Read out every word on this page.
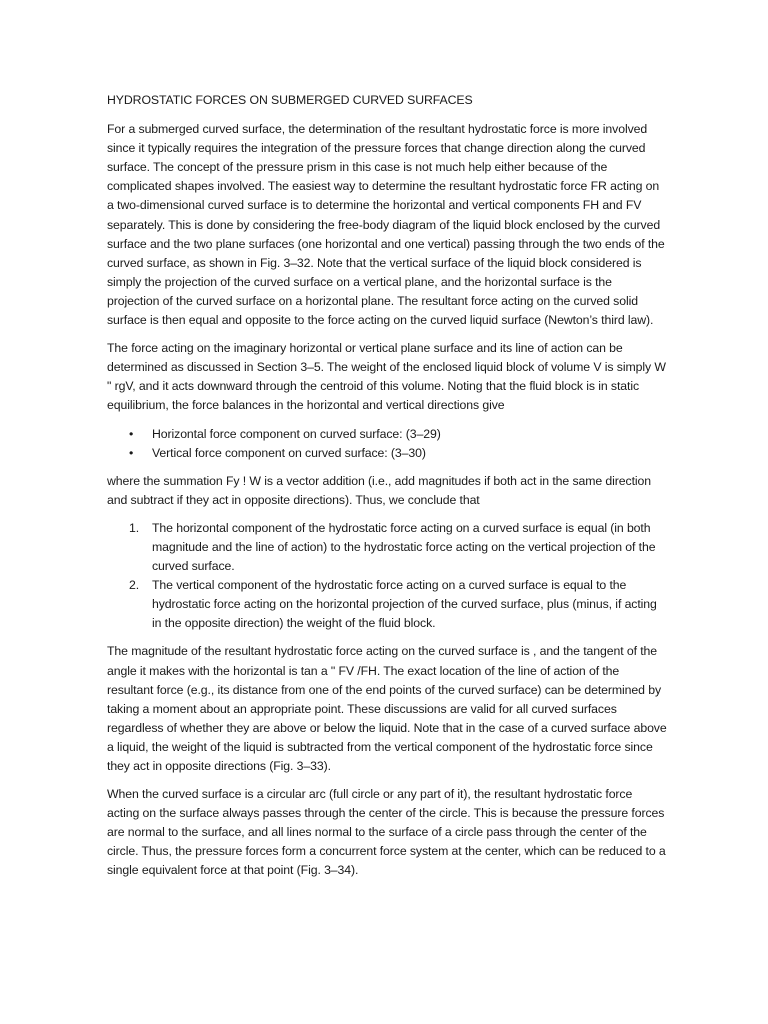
HYDROSTATIC FORCES ON SUBMERGED CURVED SURFACES

For a submerged curved surface, the determination of the resultant hydrostatic force is more involved since it typically requires the integration of the pressure forces that change direction along the curved surface. The concept of the pressure prism in this case is not much help either because of the complicated shapes involved. The easiest way to determine the resultant hydrostatic force FR acting on a two-dimensional curved surface is to determine the horizontal and vertical components FH and FV separately. This is done by considering the free-body diagram of the liquid block enclosed by the curved surface and the two plane surfaces (one horizontal and one vertical) passing through the two ends of the curved surface, as shown in Fig. 3–32. Note that the vertical surface of the liquid block considered is simply the projection of the curved surface on a vertical plane, and the horizontal surface is the projection of the curved surface on a horizontal plane. The resultant force acting on the curved solid surface is then equal and opposite to the force acting on the curved liquid surface (Newton’s third law).

The force acting on the imaginary horizontal or vertical plane surface and its line of action can be determined as discussed in Section 3–5. The weight of the enclosed liquid block of volume V is simply W " rgV, and it acts downward through the centroid of this volume. Noting that the fluid block is in static equilibrium, the force balances in the horizontal and vertical directions give

• Horizontal force component on curved surface: (3–29)
• Vertical force component on curved surface: (3–30)

where the summation Fy ! W is a vector addition (i.e., add magnitudes if both act in the same direction and subtract if they act in opposite directions). Thus, we conclude that

1. The horizontal component of the hydrostatic force acting on a curved surface is equal (in both magnitude and the line of action) to the hydrostatic force acting on the vertical projection of the curved surface.
2. The vertical component of the hydrostatic force acting on a curved surface is equal to the hydrostatic force acting on the horizontal projection of the curved surface, plus (minus, if acting in the opposite direction) the weight of the fluid block.

The magnitude of the resultant hydrostatic force acting on the curved surface is , and the tangent of the angle it makes with the horizontal is tan a " FV /FH. The exact location of the line of action of the resultant force (e.g., its distance from one of the end points of the curved surface) can be determined by taking a moment about an appropriate point. These discussions are valid for all curved surfaces regardless of whether they are above or below the liquid. Note that in the case of a curved surface above a liquid, the weight of the liquid is subtracted from the vertical component of the hydrostatic force since they act in opposite directions (Fig. 3–33).

When the curved surface is a circular arc (full circle or any part of it), the resultant hydrostatic force acting on the surface always passes through the center of the circle. This is because the pressure forces are normal to the surface, and all lines normal to the surface of a circle pass through the center of the circle. Thus, the pressure forces form a concurrent force system at the center, which can be reduced to a single equivalent force at that point (Fig. 3–34).
